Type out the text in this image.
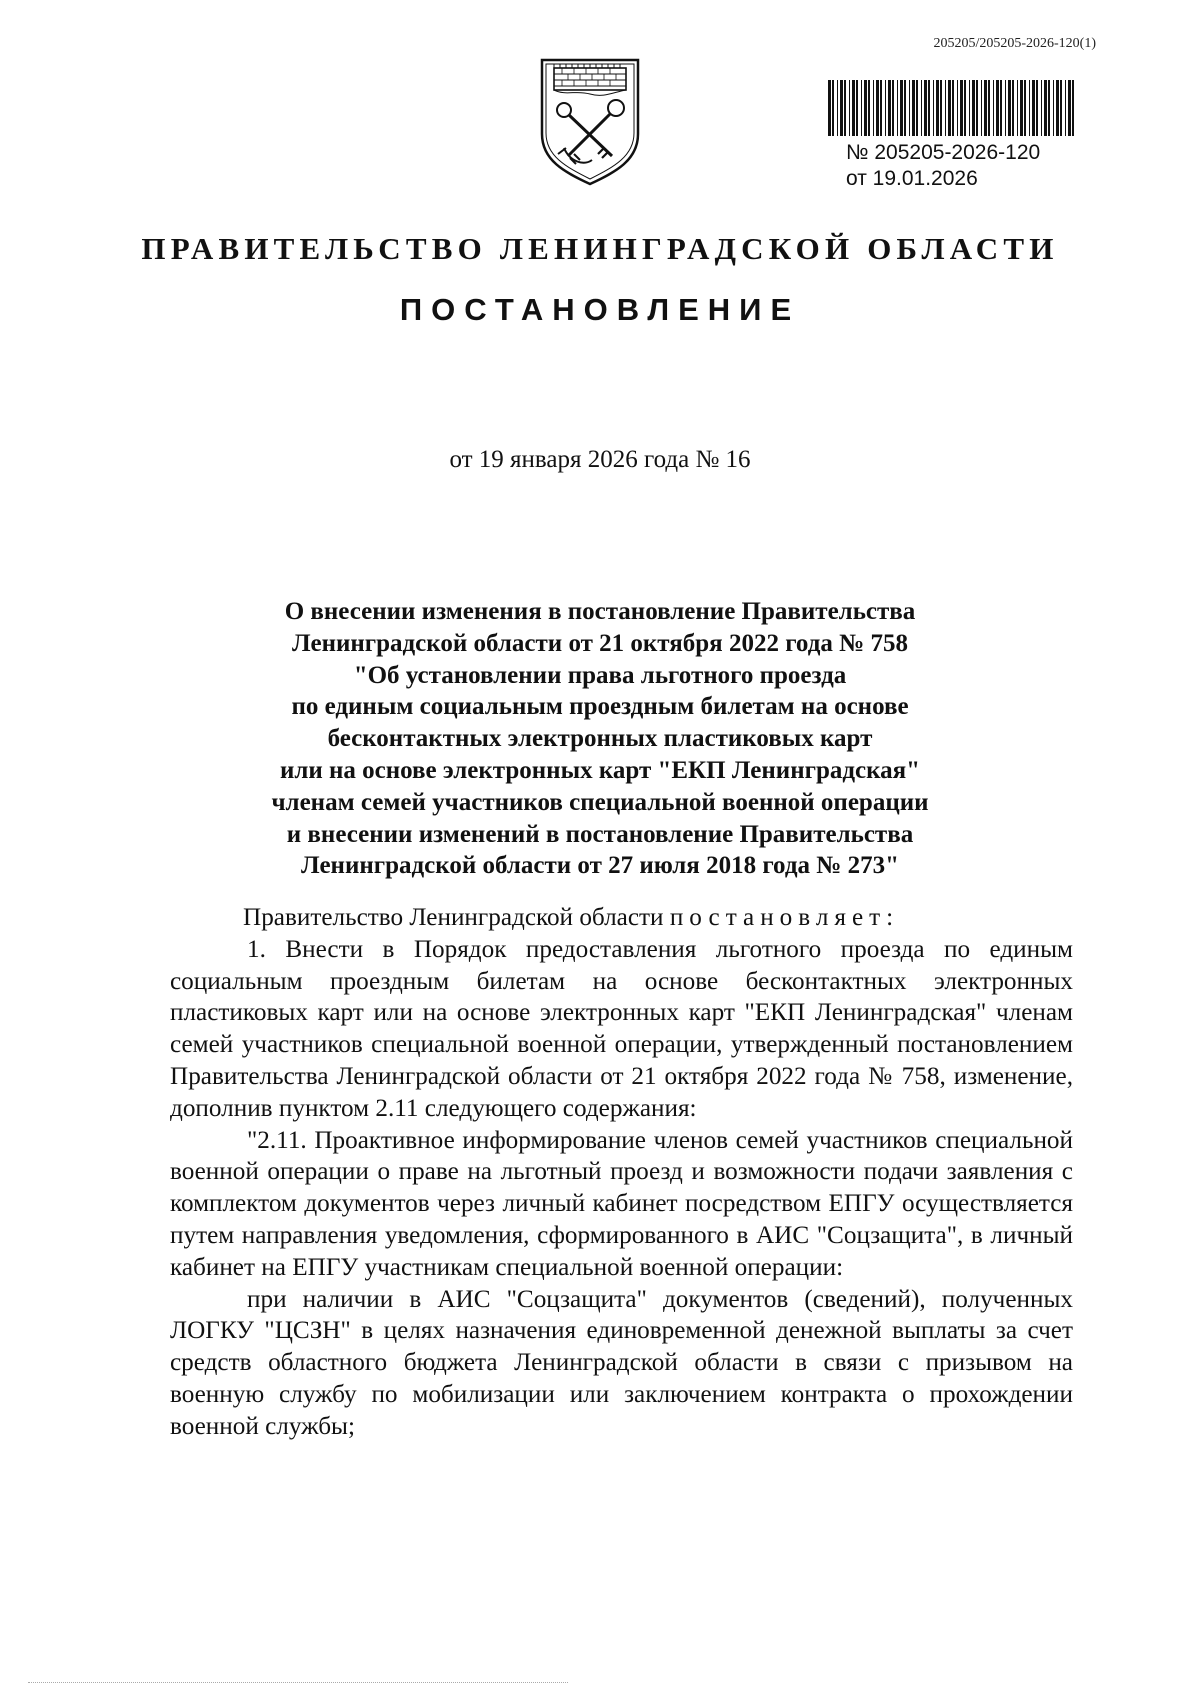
205205/205205-2026-120(1)
№ 205205-2026-120
от 19.01.2026
ПРАВИТЕЛЬСТВО ЛЕНИНГРАДСКОЙ ОБЛАСТИ
ПОСТАНОВЛЕНИЕ
от 19 января 2026 года № 16
О внесении изменения в постановление Правительства
Ленинградской области от 21 октября 2022 года № 758
"Об установлении права льготного проезда
по единым социальным проездным билетам на основе
бесконтактных электронных пластиковых карт
или на основе электронных карт "ЕКП Ленинградская"
членам семей участников специальной военной операции
и внесении изменений в постановление Правительства
Ленинградской области от 27 июля 2018 года № 273"

Правительство Ленинградской области постановляет:

1. Внести в Порядок предоставления льготного проезда по единым социальным проездным билетам на основе бесконтактных электронных пластиковых карт или на основе электронных карт "ЕКП Ленинградская" членам семей участников специальной военной операции, утвержденный постановлением Правительства Ленинградской области от 21 октября 2022 года № 758, изменение, дополнив пунктом 2.11 следующего содержания:

"2.11. Проактивное информирование членов семей участников специальной военной операции о праве на льготный проезд и возможности подачи заявления с комплектом документов через личный кабинет посредством ЕПГУ осуществляется путем направления уведомления, сформированного в АИС "Соцзащита", в личный кабинет на ЕПГУ участникам специальной военной операции:

при наличии в АИС "Соцзащита" документов (сведений), полученных ЛОГКУ "ЦСЗН" в целях назначения единовременной денежной выплаты за счет средств областного бюджета Ленинградской области в связи с призывом на военную службу по мобилизации или заключением контракта о прохождении военной службы;
